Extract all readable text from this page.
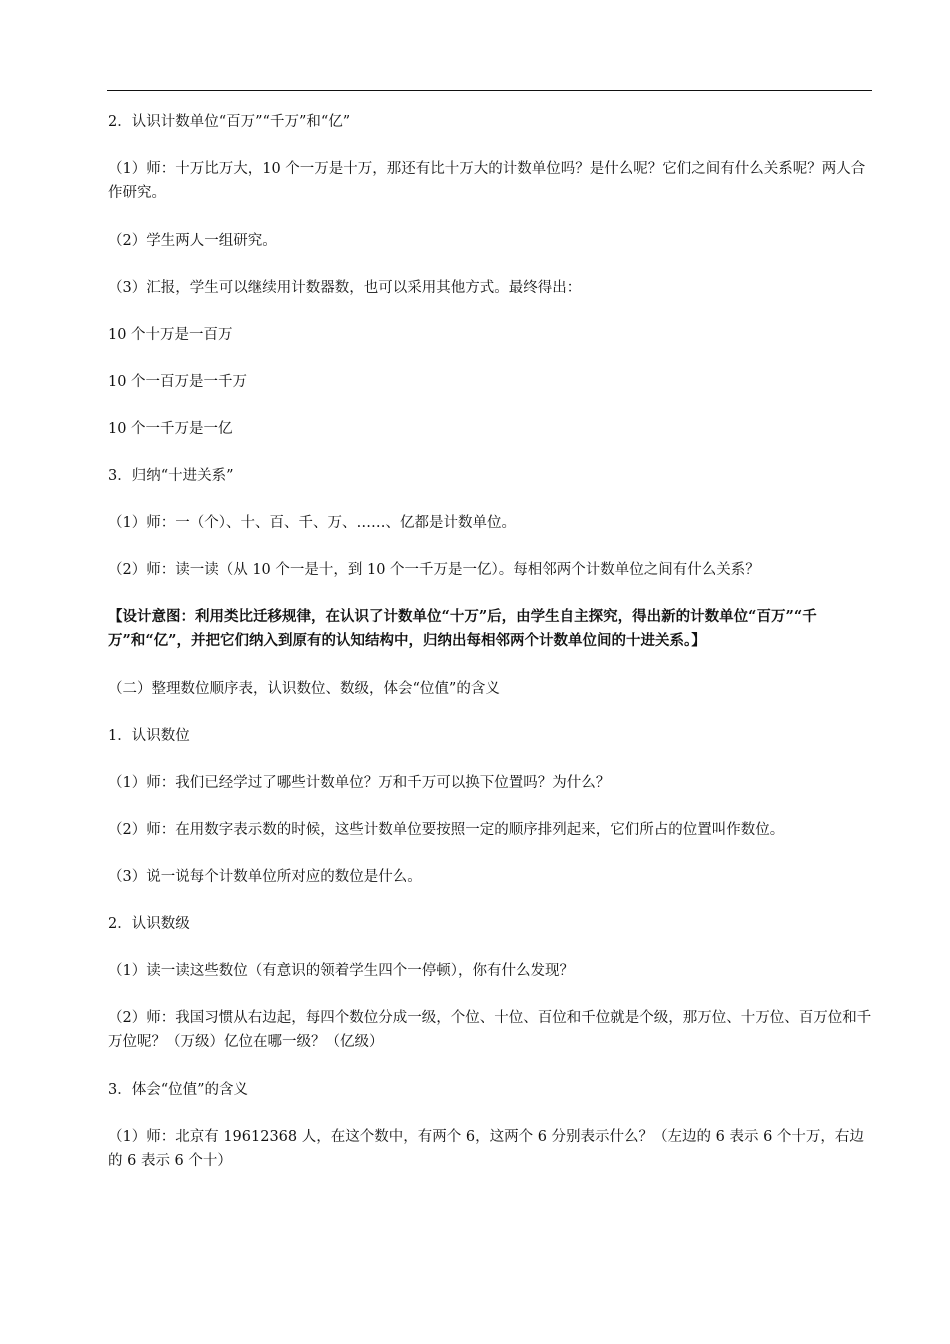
2．认识计数单位“百万”“千万”和“亿”

（1）师：十万比万大，10 个一万是十万，那还有比十万大的计数单位吗？是什么呢？它们之间有什么关系呢？两人合作研究。

（2）学生两人一组研究。

（3）汇报，学生可以继续用计数器数，也可以采用其他方式。最终得出：

10 个十万是一百万

10 个一百万是一千万

10 个一千万是一亿

3．归纳“十进关系”

（1）师：一（个）、十、百、千、万、……、亿都是计数单位。

（2）师：读一读（从 10 个一是十，到 10 个一千万是一亿）。每相邻两个计数单位之间有什么关系？

【设计意图：利用类比迁移规律，在认识了计数单位“十万”后，由学生自主探究，得出新的计数单位“百万”“千万”和“亿”，并把它们纳入到原有的认知结构中，归纳出每相邻两个计数单位间的十进关系。】

（二）整理数位顺序表，认识数位、数级，体会“位值”的含义

1．认识数位

（1）师：我们已经学过了哪些计数单位？万和千万可以换下位置吗？为什么？

（2）师：在用数字表示数的时候，这些计数单位要按照一定的顺序排列起来，它们所占的位置叫作数位。

（3）说一说每个计数单位所对应的数位是什么。

2．认识数级

（1）读一读这些数位（有意识的领着学生四个一停顿），你有什么发现？

（2）师：我国习惯从右边起，每四个数位分成一级，个位、十位、百位和千位就是个级，那万位、十万位、百万位和千万位呢？（万级）亿位在哪一级？（亿级）

3．体会“位值”的含义

（1）师：北京有 19612368 人，在这个数中，有两个 6，这两个 6 分别表示什么？（左边的 6 表示 6 个十万，右边的 6 表示 6 个十）
